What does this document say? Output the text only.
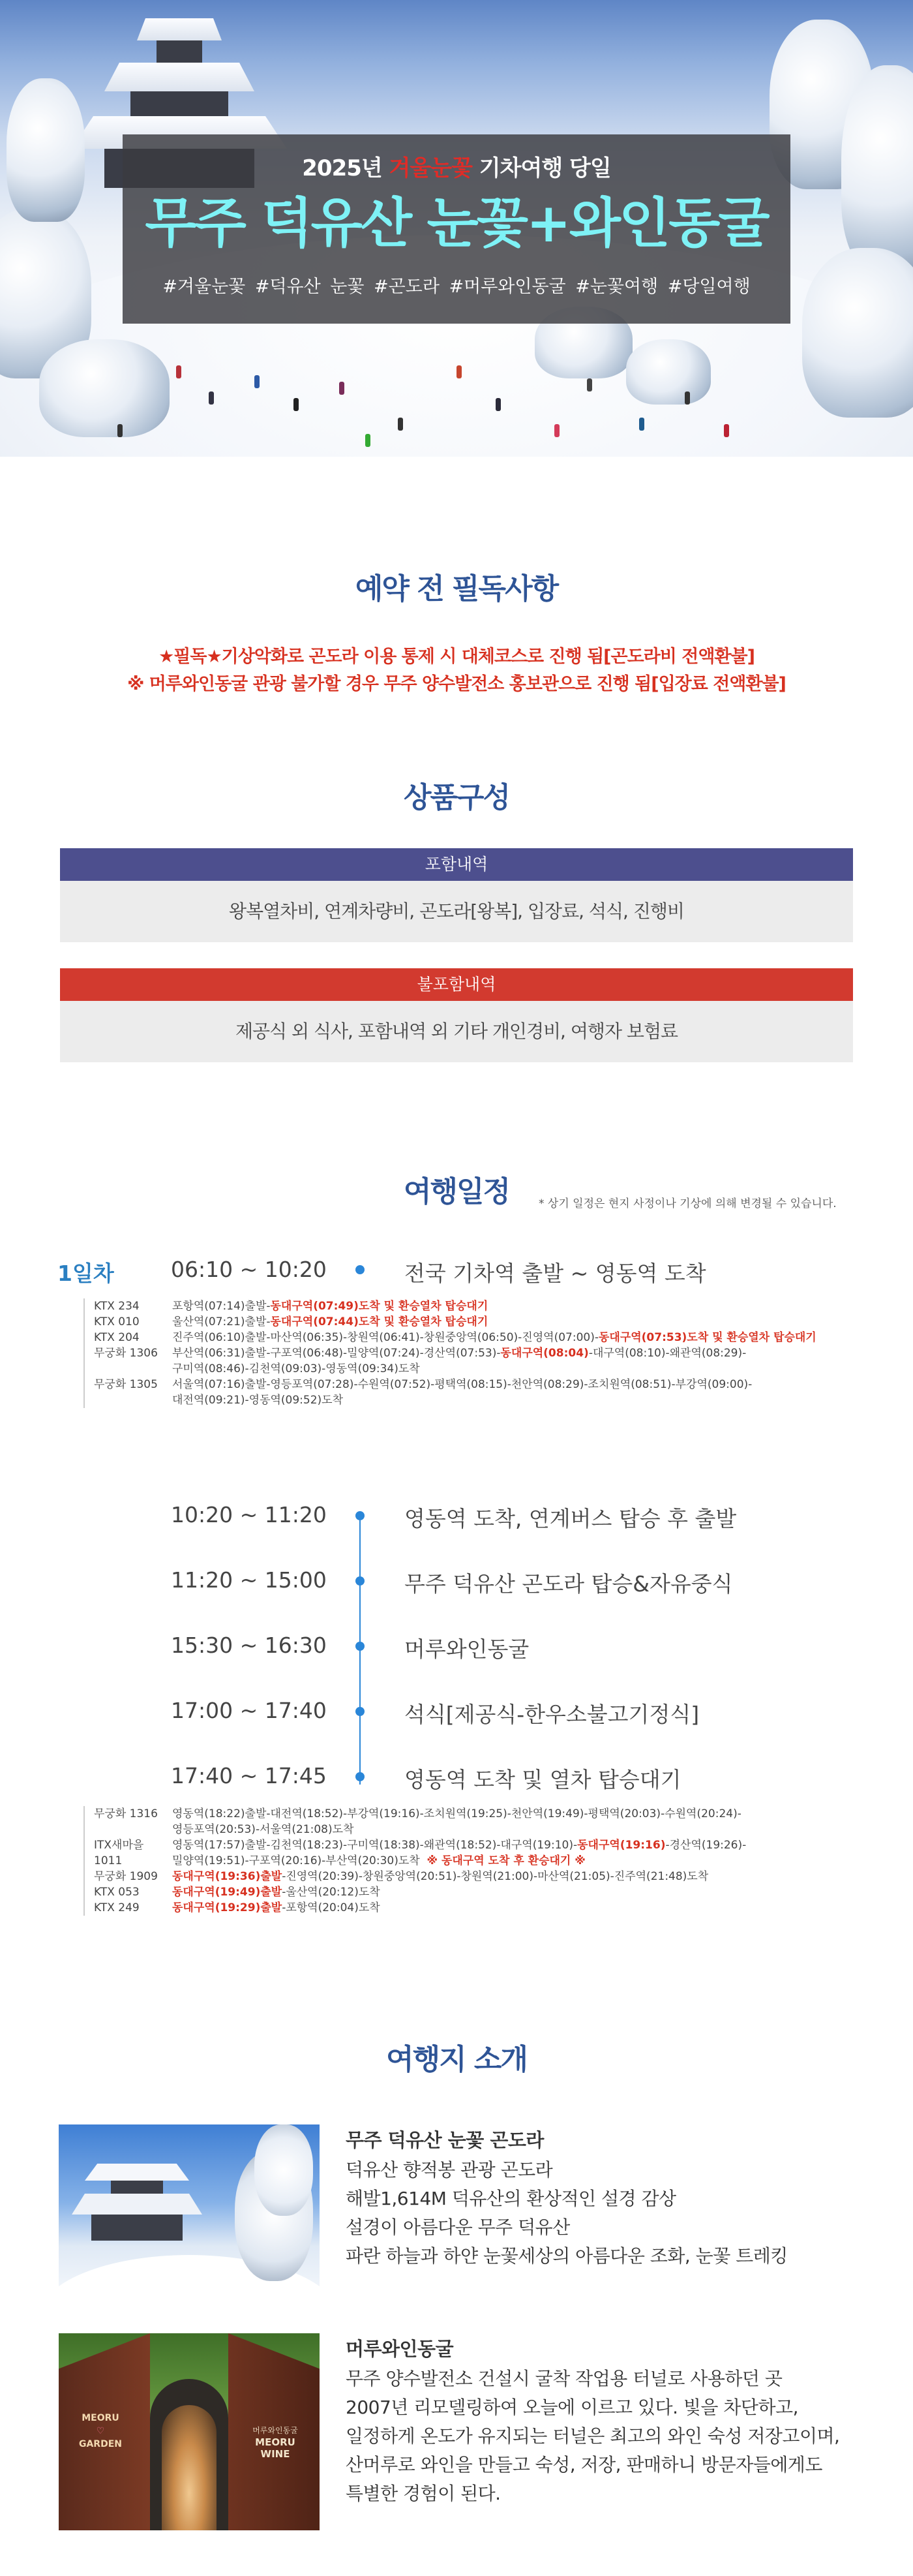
2025년 겨울눈꽃 기차여행 당일
무주 덕유산 눈꽃+와인동굴
#겨울눈꽃 #덕유산 눈꽃 #곤도라 #머루와인동굴 #눈꽃여행 #당일여행
예약 전 필독사항
★필독★기상악화로 곤도라 이용 통제 시 대체코스로 진행 됨[곤도라비 전액환불]
※ 머루와인동굴 관광 불가할 경우 무주 양수발전소 홍보관으로 진행 됨[입장료 전액환불]
상품구성
포함내역
왕복열차비, 연계차량비, 곤도라[왕복], 입장료, 석식, 진행비
불포함내역
제공식 외 식사, 포함내역 외 기타 개인경비, 여행자 보험료
여행일정	* 상기 일정은 현지 사정이나 기상에 의해 변경될 수 있습니다.
1일차	06:10 ~ 10:20	전국 기차역 출발 ~ 영동역 도착
KTX 234	포항역(07:14)출발-동대구역(07:49)도착 및 환승열차 탑승대기
KTX 010	울산역(07:21)출발-동대구역(07:44)도착 및 환승열차 탑승대기
KTX 204	진주역(06:10)출발-마산역(06:35)-창원역(06:41)-창원중앙역(06:50)-진영역(07:00)-동대구역(07:53)도착 및 환승열차 탑승대기
무궁화 1306	부산역(06:31)출발-구포역(06:48)-밀양역(07:24)-경산역(07:53)-동대구역(08:04)-대구역(08:10)-왜관역(08:29)-
구미역(08:46)-김천역(09:03)-영동역(09:34)도착
무궁화 1305	서울역(07:16)출발-영등포역(07:28)-수원역(07:52)-평택역(08:15)-천안역(08:29)-조치원역(08:51)-부강역(09:00)-
대전역(09:21)-영동역(09:52)도착
10:20 ~ 11:20	영동역 도착, 연계버스 탑승 후 출발
11:20 ~ 15:00	무주 덕유산 곤도라 탑승&자유중식
15:30 ~ 16:30	머루와인동굴
17:00 ~ 17:40	석식[제공식-한우소불고기정식]
17:40 ~ 17:45	영동역 도착 및 열차 탑승대기
무궁화 1316	영동역(18:22)출발-대전역(18:52)-부강역(19:16)-조치원역(19:25)-천안역(19:49)-평택역(20:03)-수원역(20:24)-
영등포역(20:53)-서울역(21:08)도착
ITX새마을 1011
영동역(17:57)출발-김천역(18:23)-구미역(18:38)-왜관역(18:52)-대구역(19:10)-동대구역(19:16)-경산역(19:26)-
밀양역(19:51)-구포역(20:16)-부산역(20:30)도착 ※ 동대구역 도착 후 환승대기 ※
무궁화 1909	동대구역(19:36)출발-진영역(20:39)-창원중앙역(20:51)-창원역(21:00)-마산역(21:05)-진주역(21:48)도착
KTX 053	동대구역(19:49)출발-울산역(20:12)도착
KTX 249	동대구역(19:29)출발-포항역(20:04)도착
여행지 소개
무주 덕유산 눈꽃 곤도라
덕유산 향적봉 관광 곤도라
해발1,614M 덕유산의 환상적인 설경 감상
설경이 아름다운 무주 덕유산
파란 하늘과 하얀 눈꽃세상의 아름다운 조화, 눈꽃 트레킹
MEORU
♡
GARDEN
머루와인동굴
MEORU
WINE
머루와인동굴
무주 양수발전소 건설시 굴착 작업용 터널로 사용하던 곳
2007년 리모델링하여 오늘에 이르고 있다. 빛을 차단하고,
일정하게 온도가 유지되는 터널은 최고의 와인 숙성 저장고이며,
산머루로 와인을 만들고 숙성, 저장, 판매하니 방문자들에게도
특별한 경험이 된다.
